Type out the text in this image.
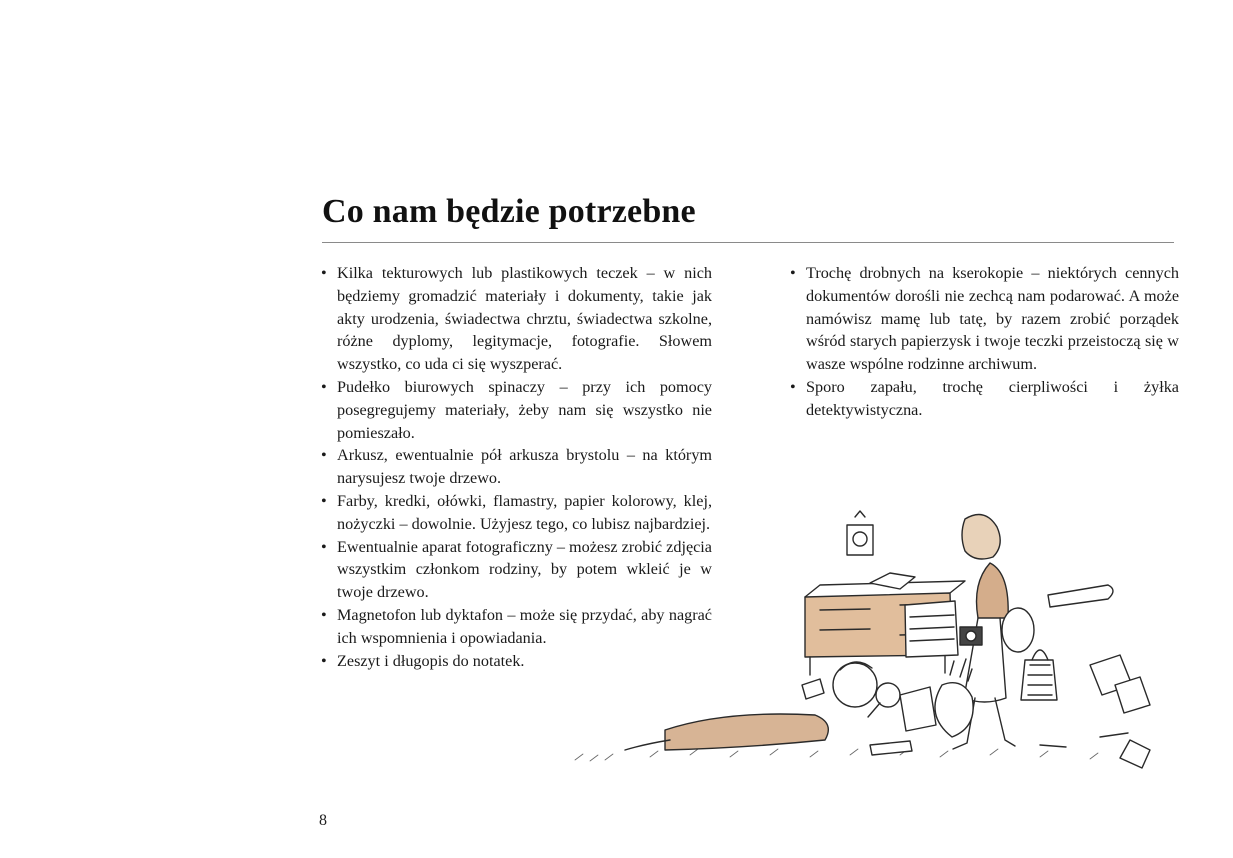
Co nam będzie potrzebne
• Kilka tekturowych lub plastikowych teczek – w nich będziemy gromadzić materiały i dokumenty, takie jak akty urodzenia, świadectwa chrztu, świadectwa szkolne, różne dyplomy, legitymacje, fotografie. Słowem wszystko, co uda ci się wyszperać.
• Pudełko biurowych spinaczy – przy ich pomocy posegregujemy materiały, żeby nam się wszystko nie pomieszało.
• Arkusz, ewentualnie pół arkusza brystolu – na którym narysujesz twoje drzewo.
• Farby, kredki, ołówki, flamastry, papier kolorowy, klej, nożyczki – dowolnie. Użyjesz tego, co lubisz najbardziej.
• Ewentualnie aparat fotograficzny – możesz zrobić zdjęcia wszystkim członkom rodziny, by potem wkleić je w twoje drzewo.
• Magnetofon lub dyktafon – może się przydać, aby nagrać ich wspomnienia i opowiadania.
• Zeszyt i długopis do notatek.
• Trochę drobnych na kserokopie – niektórych cennych dokumentów dorośli nie zechcą nam podarować. A może namówisz mamę lub tatę, by razem zrobić porządek wśród starych papierzysk i twoje teczki przeistoczą się w wasze wspólne rodzinne archiwum.
• Sporo zapału, trochę cierpliwości i żyłka detektywistyczna.
8
